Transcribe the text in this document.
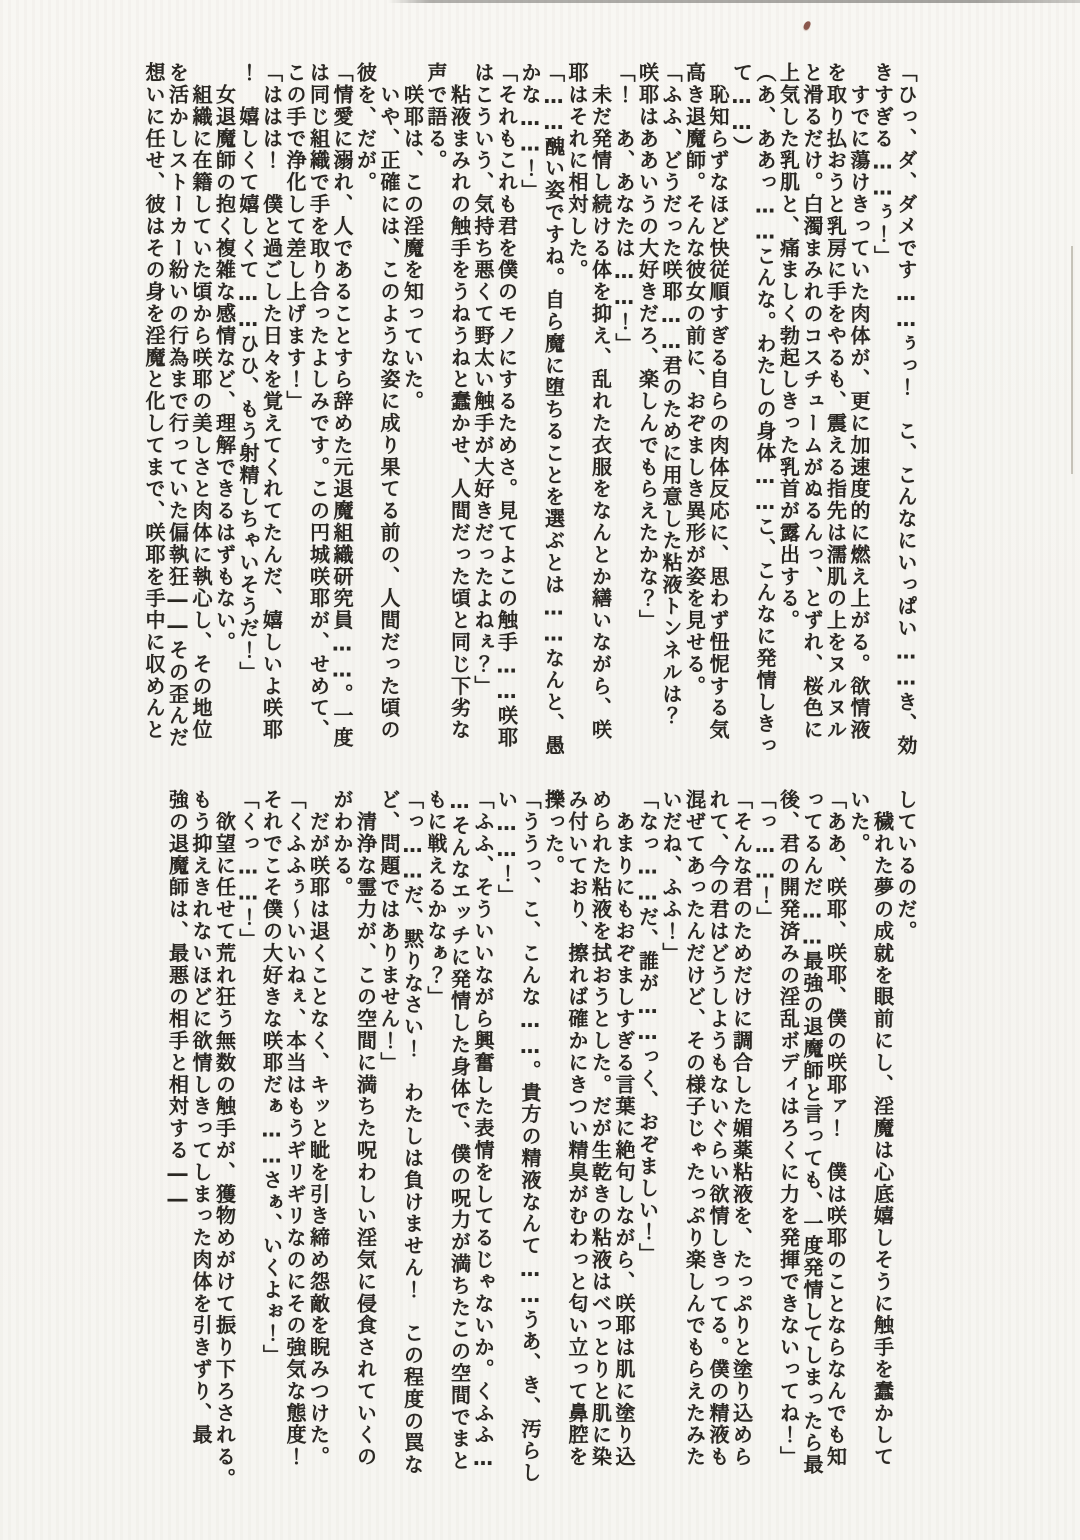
「ひっ、ダ、ダメです……ぅっ！　こ、こんなにいっぱい……き、効
きすぎる……ぅ！」
　すでに蕩けきっていた肉体が、更に加速度的に燃え上がる。欲情液
を取り払おうと乳房に手をやるも、震える指先は濡肌の上をヌルヌル
と滑るだけ。白濁まみれのコスチュームがぬるんっ、とずれ、桜色に
上気した乳肌と、痛ましく勃起しきった乳首が露出する。
（あ、ああっ……こんな。わたしの身体……こ、こんなに発情しきっ
て……）
　恥知らずなほど快従順すぎる自らの肉体反応に、思わず忸怩する気
高き退魔師。そんな彼女の前に、おぞましき異形が姿を見せる。
「ふふ、どうだった咲耶……君のために用意した粘液トンネルは？
咲耶はああいうの大好きだろ、楽しんでもらえたかな？」
「！　あ、あなたは……！」
　未だ発情し続ける体を抑え、乱れた衣服をなんとか繕いながら、咲
耶はそれに相対した。
「……醜い姿ですね。自ら魔に堕ちることを選ぶとは……なんと、愚
かな……！」
「それもこれも君を僕のモノにするためさ。見てよこの触手……咲耶
はこういう、気持ち悪くて野太い触手が大好きだったよねぇ？」
　粘液まみれの触手をうねうねと蠢かせ、人間だった頃と同じ下劣な
声で語る。
　咲耶は、この淫魔を知っていた。
　いや、正確には、このような姿に成り果てる前の、人間だった頃の
彼を、だが。
「情愛に溺れ、人であることすら辞めた元退魔組織研究員……。一度
は同じ組織で手を取り合ったよしみです。この円城咲耶が、せめて、
この手で浄化して差し上げます！」
「ははは！　僕と過ごした日々を覚えてくれてたんだ、嬉しいよ咲耶
！　嬉しくて嬉しくて……ひひ、もう射精しちゃいそうだ！」
　女退魔師の抱く複雑な感情など、理解できるはずもない。
　組織に在籍していた頃から咲耶の美しさと肉体に執心し、その地位
を活かしストーカー紛いの行為まで行っていた偏執狂――その歪んだ
想いに任せ、彼はその身を淫魔と化してまで、咲耶を手中に収めんと
しているのだ。
　穢れた夢の成就を眼前にし、淫魔は心底嬉しそうに触手を蠢かして
いた。
「ああ、咲耶、咲耶、僕の咲耶ァ！　僕は咲耶のことならなんでも知
ってるんだ……最強の退魔師と言っても、一度発情してしまったら最
後、君の開発済みの淫乱ボディはろくに力を発揮できないってね！」
「っ……！」
「そんな君のためだけに調合した媚薬粘液を、たっぷりと塗り込めら
れて、今の君はどうしようもないぐらい欲情しきってる。僕の精液も
混ぜてあったんだけど、その様子じゃたっぷり楽しんでもらえたみた
いだね、ふふ！」
「なっ……だ、誰が……っく、おぞましい！」
　あまりにもおぞましすぎる言葉に絶句しながら、咲耶は肌に塗り込
められた粘液を拭おうとした。だが生乾きの粘液はべっとりと肌に染
み付いており、擦れば確かにきつい精臭がむわっと匂い立って鼻腔を
擽った。
「ううっ、こ、こんな……。貴方の精液なんて……うあ、き、汚らし
い……！」
「ふふ、そういいながら興奮した表情をしてるじゃないか。くふふ…
…そんなエッチに発情した身体で、僕の呪力が満ちたこの空間でまと
もに戦えるかなぁ？」
「っ……だ、黙りなさい！　わたしは負けません！　この程度の罠な
ど、問題ではありません！」
　清浄な霊力が、この空間に満ちた呪わしい淫気に侵食されていくの
がわかる。
　だが咲耶は退くことなく、キッと眦を引き締め怨敵を睨みつけた。
「くふふぅ～いいねぇ、本当はもうギリギリなのにその強気な態度！
それでこそ僕の大好きな咲耶だぁ……さぁ、いくよぉ！」
「くっ……！」
　欲望に任せて荒れ狂う無数の触手が、獲物めがけて振り下ろされる。
もう抑えきれないほどに欲情しきってしまった肉体を引きずり、最
強の退魔師は、最悪の相手と相対する――
